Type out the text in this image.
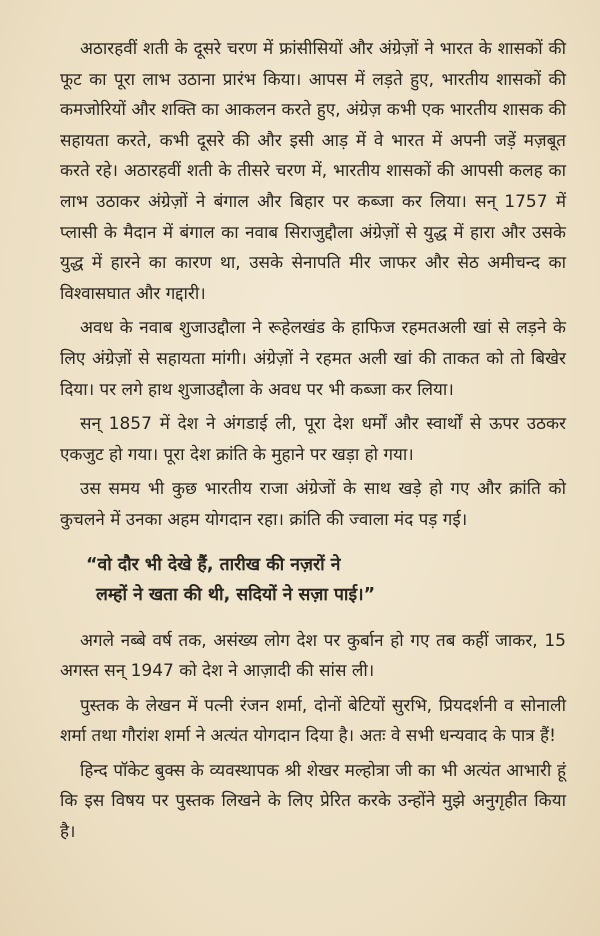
अठारहवीं शती के दूसरे चरण में फ्रांसीसियों और अंग्रेज़ों ने भारत के शासकों की फूट का पूरा लाभ उठाना प्रारंभ किया। आपस में लड़ते हुए, भारतीय शासकों की कमजोरियों और शक्ति का आकलन करते हुए, अंग्रेज़ कभी एक भारतीय शासक की सहायता करते, कभी दूसरे की और इसी आड़ में वे भारत में अपनी जड़ें मज़बूत करते रहे। अठारहवीं शती के तीसरे चरण में, भारतीय शासकों की आपसी कलह का लाभ उठाकर अंग्रेज़ों ने बंगाल और बिहार पर कब्जा कर लिया। सन् 1757 में प्लासी के मैदान में बंगाल का नवाब सिराजुद्दौला अंग्रेज़ों से युद्ध में हारा और उसके युद्ध में हारने का कारण था, उसके सेनापति मीर जाफर और सेठ अमीचन्द का विश्वासघात और गद्दारी।

अवध के नवाब शुजाउद्दौला ने रूहेलखंड के हाफिज रहमतअली खां से लड़ने के लिए अंग्रेज़ों से सहायता मांगी। अंग्रेज़ों ने रहमत अली खां की ताकत को तो बिखेर दिया। पर लगे हाथ शुजाउद्दौला के अवध पर भी कब्जा कर लिया।

सन् 1857 में देश ने अंगडाई ली, पूरा देश धर्मों और स्वार्थों से ऊपर उठकर एकजुट हो गया। पूरा देश क्रांति के मुहाने पर खड़ा हो गया।

उस समय भी कुछ भारतीय राजा अंग्रेजों के साथ खड़े हो गए और क्रांति को कुचलने में उनका अहम योगदान रहा। क्रांति की ज्वाला मंद पड़ गई।

“वो दौर भी देखे हैं, तारीख की नज़रों ने
लम्हों ने खता की थी, सदियों ने सज़ा पाई।”

अगले नब्बे वर्ष तक, असंख्य लोग देश पर कुर्बान हो गए तब कहीं जाकर, 15 अगस्त सन् 1947 को देश ने आज़ादी की सांस ली।

पुस्तक के लेखन में पत्नी रंजन शर्मा, दोनों बेटियों सुरभि, प्रियदर्शनी व सोनाली शर्मा तथा गौरांश शर्मा ने अत्यंत योगदान दिया है। अतः वे सभी धन्यवाद के पात्र हैं!

हिन्द पॉकेट बुक्स के व्यवस्थापक श्री शेखर मल्होत्रा जी का भी अत्यंत आभारी हूं कि इस विषय पर पुस्तक लिखने के लिए प्रेरित करके उन्होंने मुझे अनुगृहीत किया है।
